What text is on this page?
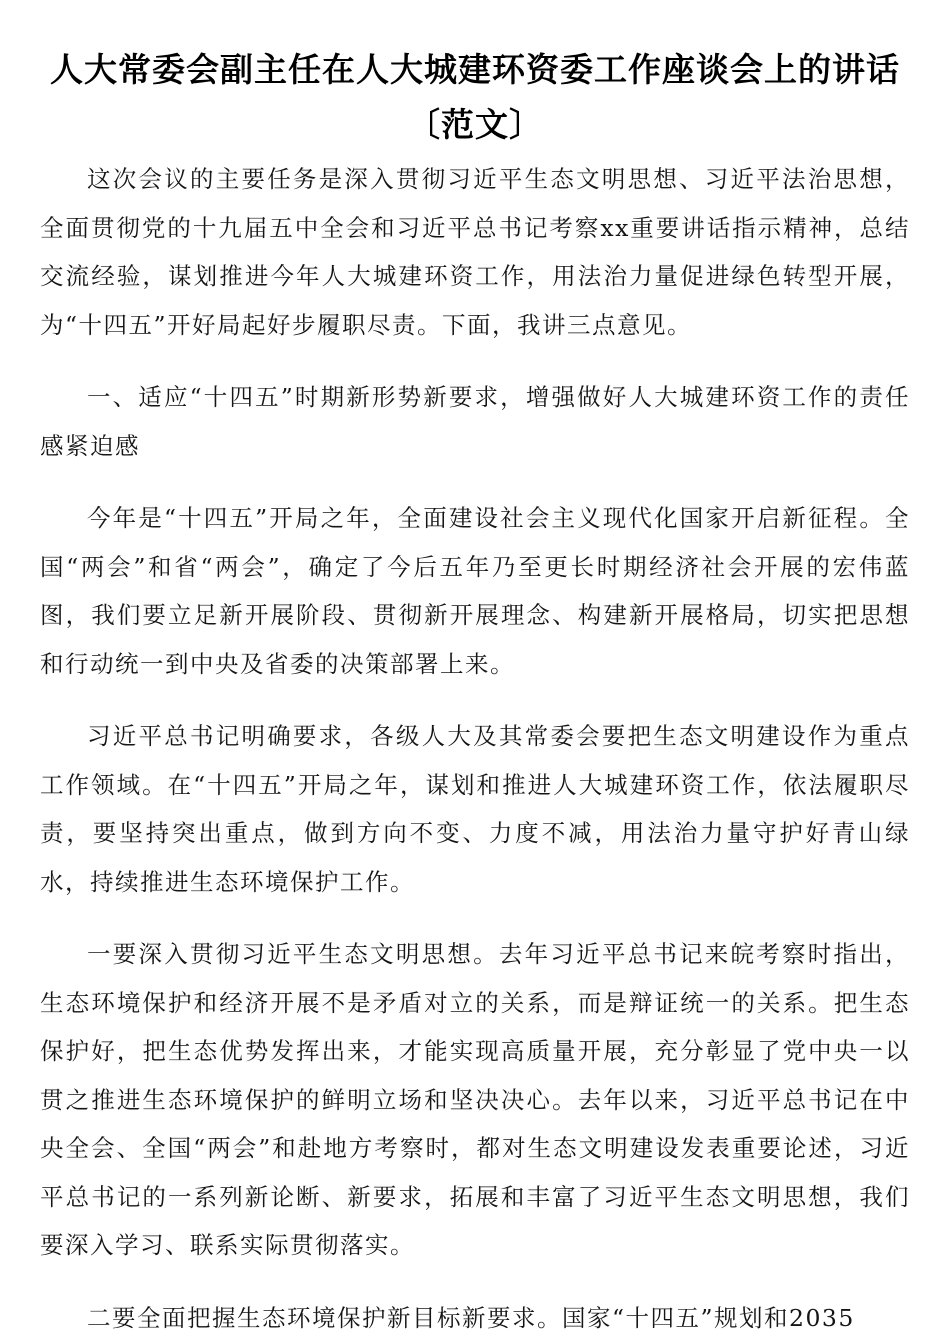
人大常委会副主任在人大城建环资委工作座谈会上的讲话〔范文〕

这次会议的主要任务是深入贯彻习近平生态文明思想、习近平法治思想，全面贯彻党的十九届五中全会和习近平总书记考察xx重要讲话指示精神，总结交流经验，谋划推进今年人大城建环资工作，用法治力量促进绿色转型开展，为“十四五”开好局起好步履职尽责。下面，我讲三点意见。

一、适应“十四五”时期新形势新要求，增强做好人大城建环资工作的责任感紧迫感

今年是“十四五”开局之年，全面建设社会主义现代化国家开启新征程。全国“两会”和省“两会”，确定了今后五年乃至更长时期经济社会开展的宏伟蓝图，我们要立足新开展阶段、贯彻新开展理念、构建新开展格局，切实把思想和行动统一到中央及省委的决策部署上来。

习近平总书记明确要求，各级人大及其常委会要把生态文明建设作为重点工作领域。在“十四五”开局之年，谋划和推进人大城建环资工作，依法履职尽责，要坚持突出重点，做到方向不变、力度不减，用法治力量守护好青山绿水，持续推进生态环境保护工作。

一要深入贯彻习近平生态文明思想。去年习近平总书记来皖考察时指出，生态环境保护和经济开展不是矛盾对立的关系，而是辩证统一的关系。把生态保护好，把生态优势发挥出来，才能实现高质量开展，充分彰显了党中央一以贯之推进生态环境保护的鲜明立场和坚决决心。去年以来，习近平总书记在中央全会、全国“两会”和赴地方考察时，都对生态文明建设发表重要论述，习近平总书记的一系列新论断、新要求，拓展和丰富了习近平生态文明思想，我们要深入学习、联系实际贯彻落实。

二要全面把握生态环境保护新目标新要求。国家“十四五”规划和2035
